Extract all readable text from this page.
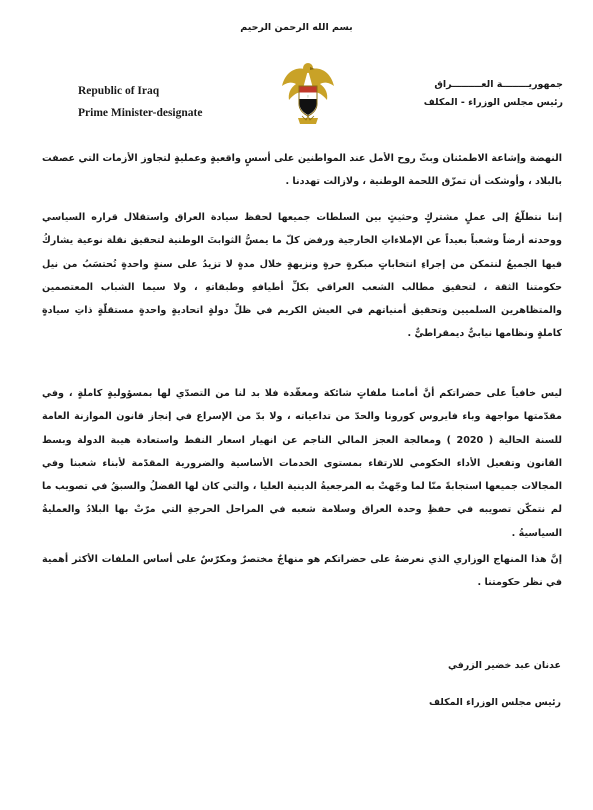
بسم الله الرحمن الرحيم
Republic of Iraq
Prime Minister-designate
ا
جمهوريــــــــة العـــــــــراق
رئيس مجلس الوزراء - المكلف
النهضة وإشاعة الاطمئنان وبثّ روح الأمل عند المواطنين على أسسٍ واقعيةٍ وعمليةٍ لتجاوز الأزمات التي عصفت بالبلاد ، وأوشكت أن تمزّق اللحمة الوطنية ، ولازالت تهددنا .
إننا نتطلّعُ إلى عملٍ مشتركٍ وحثيثٍ بين السلطات جميعها لحفظ سيادة العراق واستقلال قراره السياسي ووحدته أرضاً وشعباً بعيداً عن الإملاءاتِ الخارجية ورفض كلّ ما يمسُّ الثوابتَ الوطنية لتحقيق نقلة نوعية يشاركُ فيها الجميعُ لنتمكن من إجراءِ انتخاباتٍ مبكرةٍ حرةٍ ونزيهةٍ خلال مدةٍ لا تزيدُ على سنةٍ واحدةٍ تُحتسَبُ من نيل حكومتنا الثقة ، لتحقيق مطالب الشعب العراقي بكلِّ أطيافهِ وطبقاتهِ ، ولا سيما الشباب المعتصمين والمتظاهرين السلميين وتحقيق أمنياتهم في العيش الكريم في ظلِّ دولةٍ اتحاديةٍ واحدةٍ مستقلّةٍ ذاتِ سيادةٍ كاملةٍ ونظامها نيابيٌّ ديمقراطيٌّ .
ليس خافياً على حضراتكم أنَّ أمامنا ملفاتٍ شائكة ومعقّدة فلا بد لنا من التصدّي لها بمسؤوليةٍ كاملةٍ ، وفي مقدّمتها مواجهة وباء فايروس كورونا والحدّ من تداعياته ، ولا بدّ من الإسراع في إنجاز قانون الموازنة العامة للسنة الحالية ( 2020 ) ومعالجة العجز المالي الناجم عن انهيار اسعار النفط واستعادة هيبة الدولة وبسط القانون وتفعيل الأداء الحكومي للارتقاء بمستوى الخدمات الأساسية والضرورية المقدّمة لأبناء شعبنا وفي المجالات جميعها استجابةً منّا لما وجّهتْ به المرجعيةُ الدينية العليا ، والتي كان لها الفضلُ والسبقُ في تصويب ما لم نتمكّن تصويبه في حفظِ وحدة العراق وسلامة شعبه في المراحل الحرجةِ التي مرّتْ بها البلادُ والعمليةُ السياسيةُ .
إنَّ هذا المنهاج الوزاري الذي نعرضهُ على حضراتكم هو منهاجٌ مختصرٌ ومكرّسٌ على أساس الملفات الأكثر أهمية في نظر حكومتنا .
عدنان عبد خضير الزرفي
رئيس مجلس الوزراء المكلف
